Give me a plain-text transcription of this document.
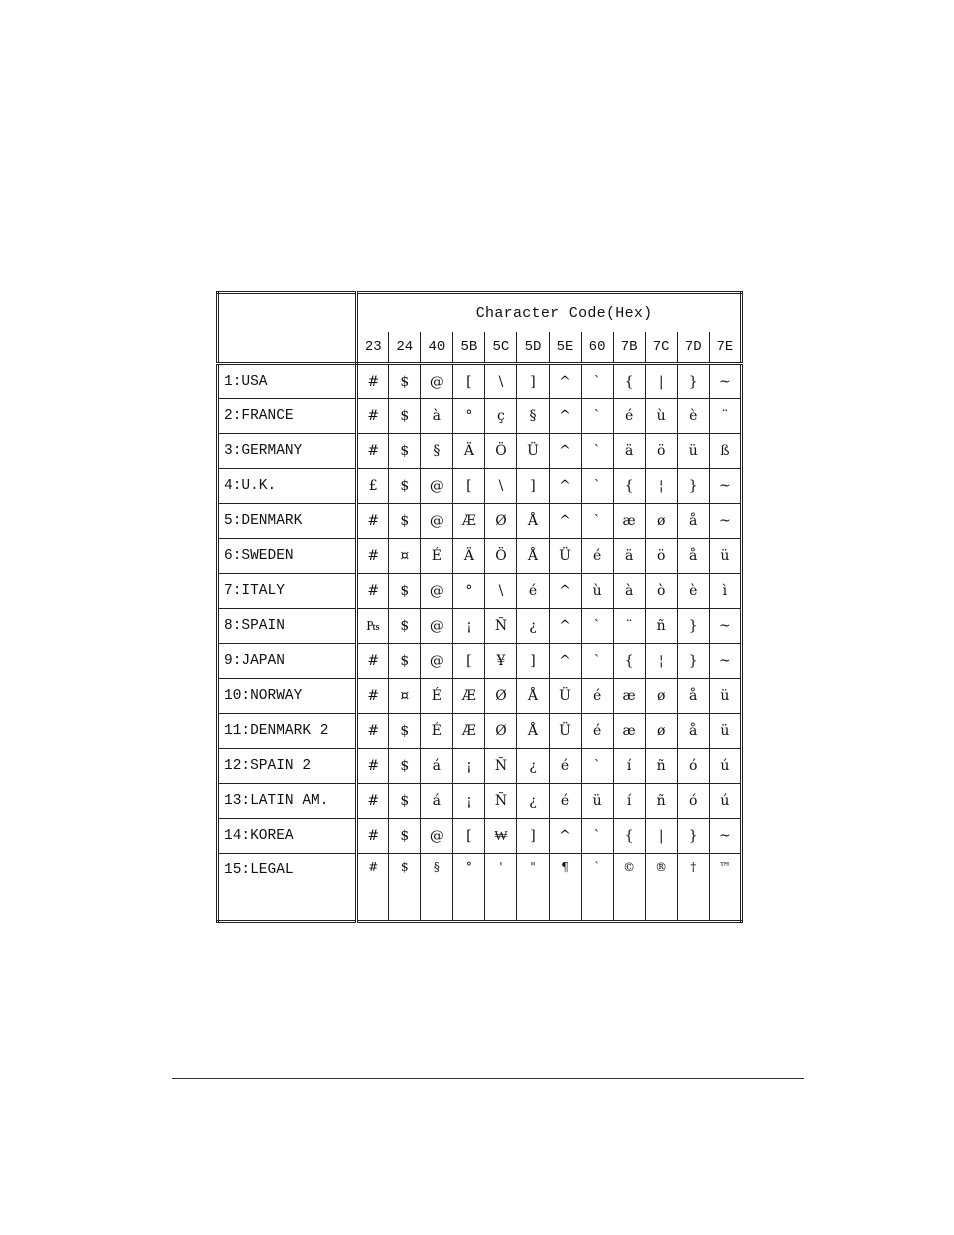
	Character Code(Hex)											
	23	24	40	5B	5C	5D	5E	60	7B	7C	7D	7E
1:USA	#	$	@	[	\	]	^	`	{	|	}	~
2:FRANCE	#	$	à	°	ç	§	^	`	é	ù	è	¨
3:GERMANY	#	$	§	Ä	Ö	Ü	^	`	ä	ö	ü	ß
4:U.K.	£	$	@	[	\	]	^	`	{	¦	}	~
5:DENMARK	#	$	@	Æ	Ø	Å	^	`	æ	ø	å	~
6:SWEDEN	#	¤	É	Ä	Ö	Å	Ü	é	ä	ö	å	ü
7:ITALY	#	$	@	°	\	é	^	ù	à	ò	è	ì
8:SPAIN	₧	$	@	¡	Ñ	¿	^	`	¨	ñ	}	~
9:JAPAN	#	$	@	[	¥	]	^	`	{	¦	}	~
10:NORWAY	#	¤	É	Æ	Ø	Å	Ü	é	æ	ø	å	ü
11:DENMARK 2	#	$	É	Æ	Ø	Å	Ü	é	æ	ø	å	ü
12:SPAIN 2	#	$	á	¡	Ñ	¿	é	`	í	ñ	ó	ú
13:LATIN AM.	#	$	á	¡	Ñ	¿	é	ü	í	ñ	ó	ú
14:KOREA	#	$	@	[	₩	]	^	`	{	|	}	~
15:LEGAL	#	$	§	°	'	"	¶	`	©	®	†	™
